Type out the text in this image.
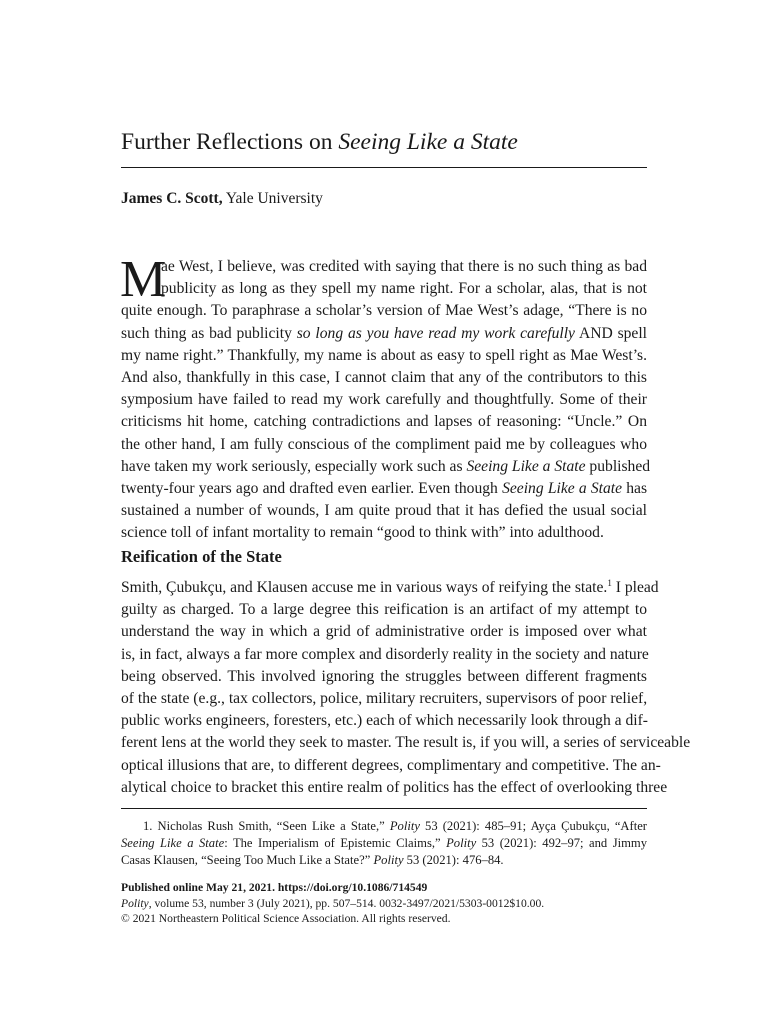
Further Reflections on Seeing Like a State
James C. Scott, Yale University
M
ae West, I believe, was credited with saying that there is no such thing as bad
publicity as long as they spell my name right. For a scholar, alas, that is not
quite enough. To paraphrase a scholar’s version of Mae West’s adage, “There is no
such thing as bad publicity so long as you have read my work carefully AND spell
my name right.” Thankfully, my name is about as easy to spell right as Mae West’s.
And also, thankfully in this case, I cannot claim that any of the contributors to this
symposium have failed to read my work carefully and thoughtfully. Some of their
criticisms hit home, catching contradictions and lapses of reasoning: “Uncle.” On
the other hand, I am fully conscious of the compliment paid me by colleagues who
have taken my work seriously, especially work such as Seeing Like a State published
twenty-four years ago and drafted even earlier. Even though Seeing Like a State has
sustained a number of wounds, I am quite proud that it has defied the usual social
science toll of infant mortality to remain “good to think with” into adulthood.
Reification of the State
Smith, Çubukçu, and Klausen accuse me in various ways of reifying the state.$^1$ I plead
guilty as charged. To a large degree this reification is an artifact of my attempt to
understand the way in which a grid of administrative order is imposed over what
is, in fact, always a far more complex and disorderly reality in the society and nature
being observed. This involved ignoring the struggles between different fragments
of the state (e.g., tax collectors, police, military recruiters, supervisors of poor relief,
public works engineers, foresters, etc.) each of which necessarily look through a dif-
ferent lens at the world they seek to master. The result is, if you will, a series of serviceable
optical illusions that are, to different degrees, complimentary and competitive. The an-
alytical choice to bracket this entire realm of politics has the effect of overlooking three
1. Nicholas Rush Smith, “Seen Like a State,” Polity 53 (2021): 485–91; Ayça Çubukçu, “After
Seeing Like a State: The Imperialism of Epistemic Claims,” Polity 53 (2021): 492–97; and Jimmy
Casas Klausen, “Seeing Too Much Like a State?” Polity 53 (2021): 476–84.
Published online May 21, 2021. https://doi.org/10.1086/714549
Polity, volume 53, number 3 (July 2021), pp. 507–514. 0032-3497/2021/5303-0012$10.00.
© 2021 Northeastern Political Science Association. All rights reserved.
